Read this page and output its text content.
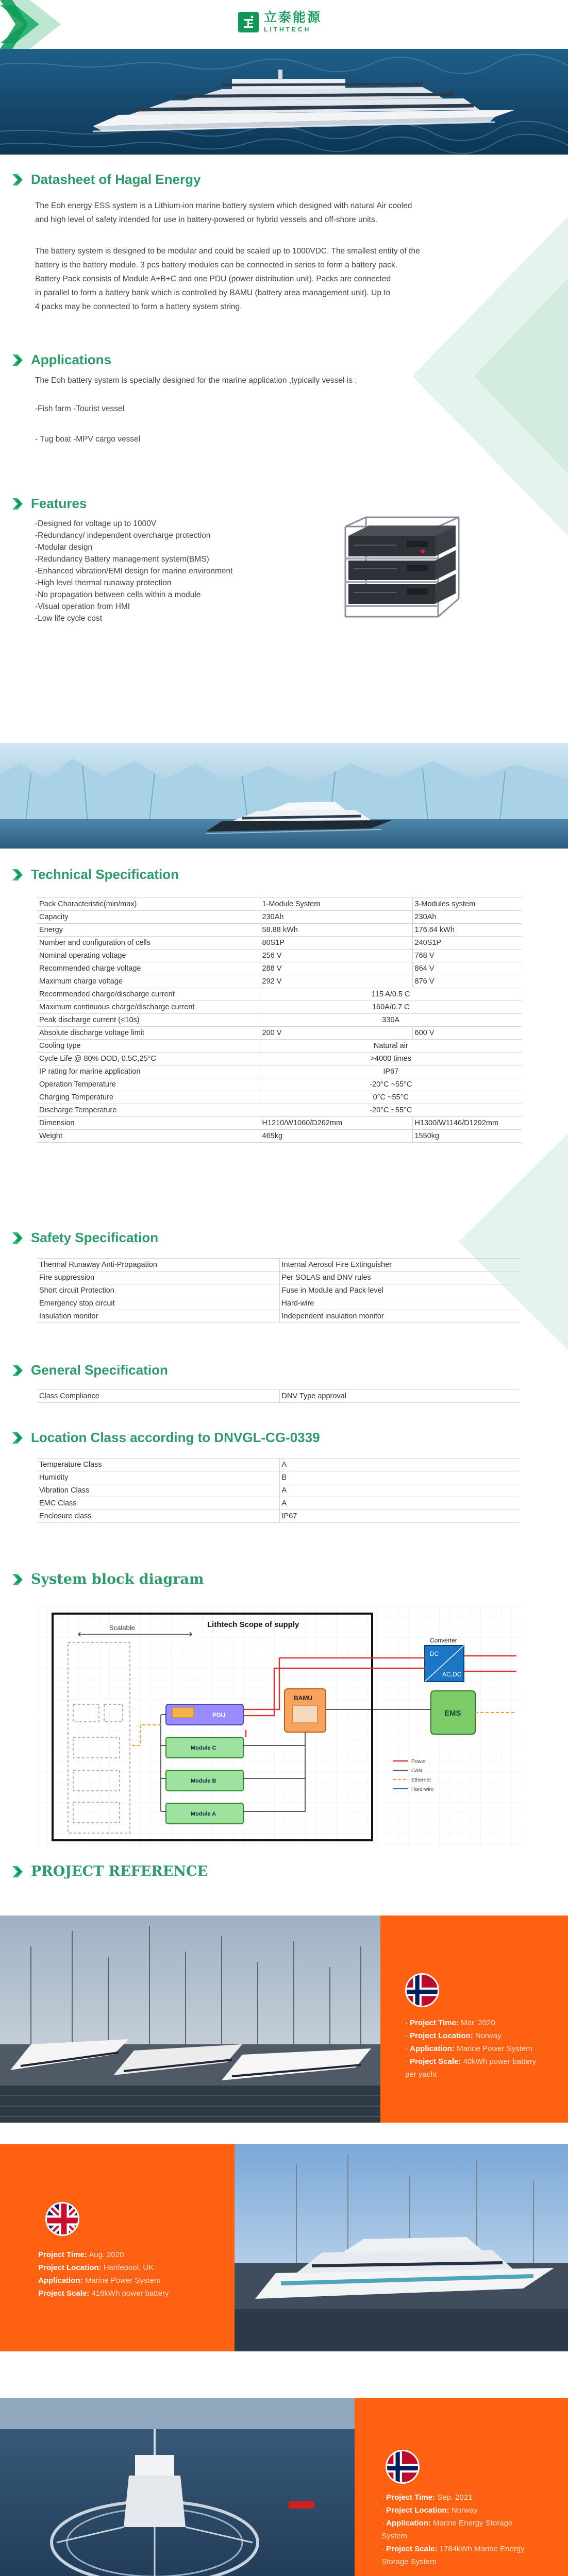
立泰能源
LITHTECH
Datasheet of Hagal Energy

The Eoh energy ESS system is a Lithium-ion marine battery system which designed with natural Air cooled

and high level of safety intended for use in battery-powered or hybrid vessels and off-shore units.

The battery system is designed to be modular and could be scaled up to 1000VDC. The smallest entity of the

battery is the battery module. 3 pcs battery modules can be connected in series to form a battery pack.

Battery Pack consists of Module A+B+C and one PDU (power distribution unit). Packs are connected

in parallel to form a battery bank which is controlled by BAMU (battery area management unit). Up to

4 packs may be connected to form a battery system string.

Applications
The Eoh battery system is specially designed for the marine application ,typically vessel is :
-Fish farm -Tourist vessel
- Tug boat -MPV cargo vessel
Features
-Designed for voltage up to 1000V
-Redundancy/ independent overcharge protection
-Modular design
-Redundancy Battery management system(BMS)
-Enhanced vibration/EMI design for marine environment
-High level thermal runaway protection
-No propagation between cells within a module
-Visual operation from HMI
-Low life cycle cost
Technical Specification
Pack Characteristic(min/max)	1-Module System	3-Modules system
Capacity	230Ah	230Ah
Energy	58.88 kWh	176.64 kWh
Number and configuration of cells	80S1P	240S1P
Nominal operating voltage	256 V	768 V
Recommended charge voltage	288 V	864 V
Maximum charge voltage	292 V	876 V
Recommended charge/discharge current	115 A/0.5 C	
Maximum continuous charge/discharge current	160A/0.7 C	
Peak discharge current (<10s)	330A	
Absolute discharge voltage limit	200 V	600 V
Cooling type	Natural air	
Cycle Life @ 80% DOD, 0.5C,25°C	>4000 times	
IP rating for marine application	IP67	
Operation Temperature	-20°C ~55°C	
Charging Temperature	0°C ~55°C	
Discharge Temperature	-20°C ~55°C	
Dimension	H1210/W1060/D262mm	H1300/W1146/D1292mm
Weight	465kg	1550kg
Safety Specification
Thermal Runaway Anti-Propagation	Internal Aerosol Fire Extinguisher
Fire suppression	Per SOLAS and DNV rules
Short circuit Protection	Fuse in Module and Pack level
Emergency stop circuit	Hard-wire
Insulation monitor	Independent insulation monitor
General Specification
Class Compliance	DNV Type approval
Location Class according to DNVGL-CG-0339
Temperature Class	A
Humidity	B
Vibration Class	A
EMC Class	A
Enclosure class	IP67
System block diagram
Lithtech Scope of supply
Scalable
PDU
Module C
Module B
Module A
BAMU
Converter
DC
AC,DC
EMS
Power
CAN
Ethernet
Hard-wire
PROJECT REFERENCE
· Project Time: Mar. 2020
· Project Location: Norway
· Application: Marine Power System
· Project Scale: 40kWh power battery
per yacht
Project Time: Aug. 2020
Project Location: Hartlepool, UK
Application: Marine Power System
Project Scale: 416kWh power battery
· Project Time: Sep. 2021
· Project Location: Norway
· Application: Marine Energy Storage
System
· Project Scale: 1784kWh Marine Energy
Storage System
